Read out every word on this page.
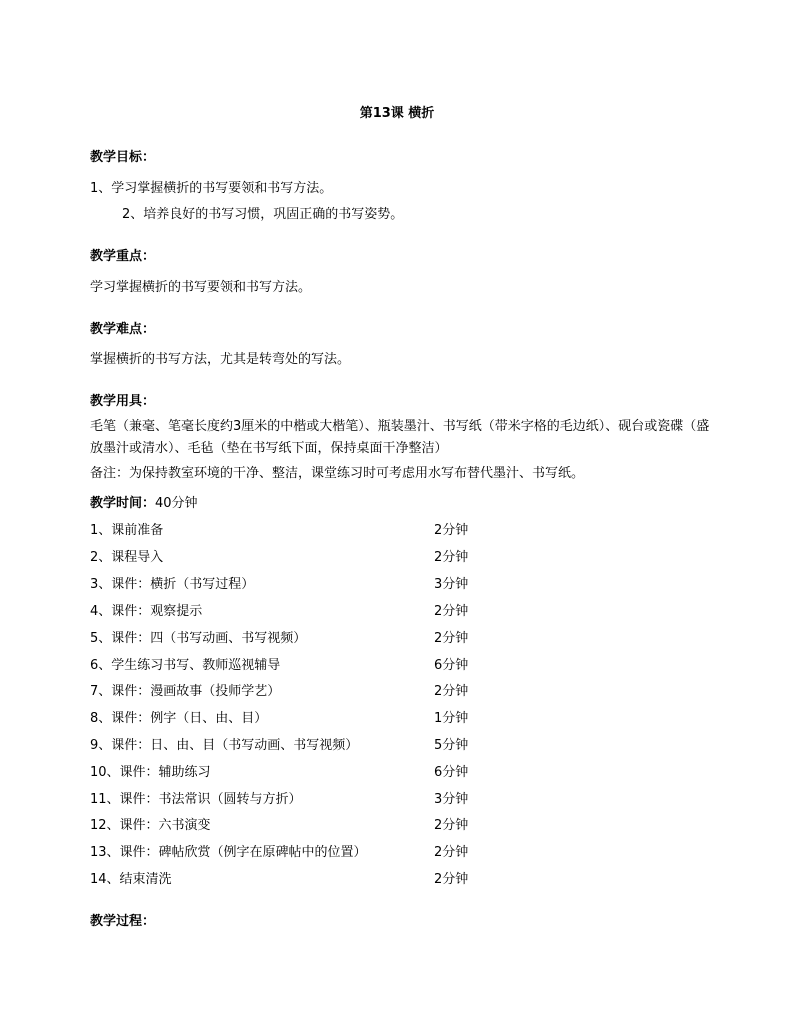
第13课 横折
教学目标：
1、学习掌握横折的书写要领和书写方法。
2、培养良好的书写习惯，巩固正确的书写姿势。
教学重点：
学习掌握横折的书写要领和书写方法。
教学难点：
掌握横折的书写方法，尤其是转弯处的写法。
教学用具：
毛笔（兼毫、笔毫长度约3厘米的中楷或大楷笔）、瓶装墨汁、书写纸（带米字格的毛边纸）、砚台或瓷碟（盛放墨汁或清水）、毛毡（垫在书写纸下面，保持桌面干净整洁）
备注：为保持教室环境的干净、整洁，课堂练习时可考虑用水写布替代墨汁、书写纸。
教学时间：40分钟
1、课前准备	2分钟
2、课程导入	2分钟
3、课件：横折（书写过程）	3分钟
4、课件：观察提示	2分钟
5、课件：四（书写动画、书写视频）	2分钟
6、学生练习书写、教师巡视辅导	6分钟
7、课件：漫画故事（投师学艺）	2分钟
8、课件：例字（日、由、目）	1分钟
9、课件：日、由、目（书写动画、书写视频）	5分钟
10、课件：辅助练习	6分钟
11、课件：书法常识（圆转与方折）	3分钟
12、课件：六书演变	2分钟
13、课件：碑帖欣赏（例字在原碑帖中的位置）	2分钟
14、结束清洗	2分钟
教学过程：
